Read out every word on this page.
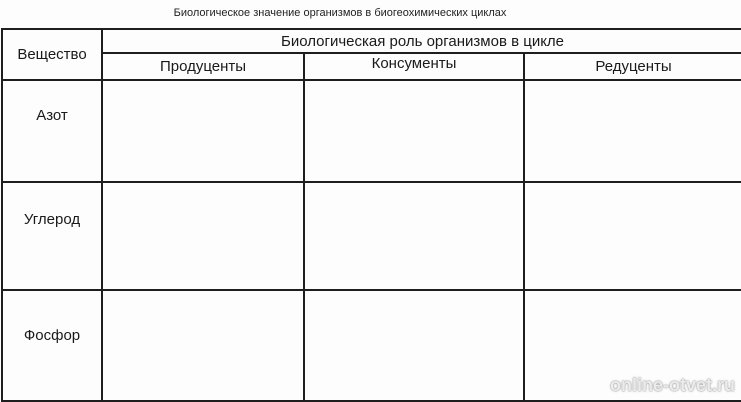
Биологическое значение организмов в биогеохимических циклах
Вещество	Биологическая роль организмов в цикле		
	Продуценты	Консументы	Редуценты
Азот			
Углерод			
Фосфор			
online-otvet.ru
